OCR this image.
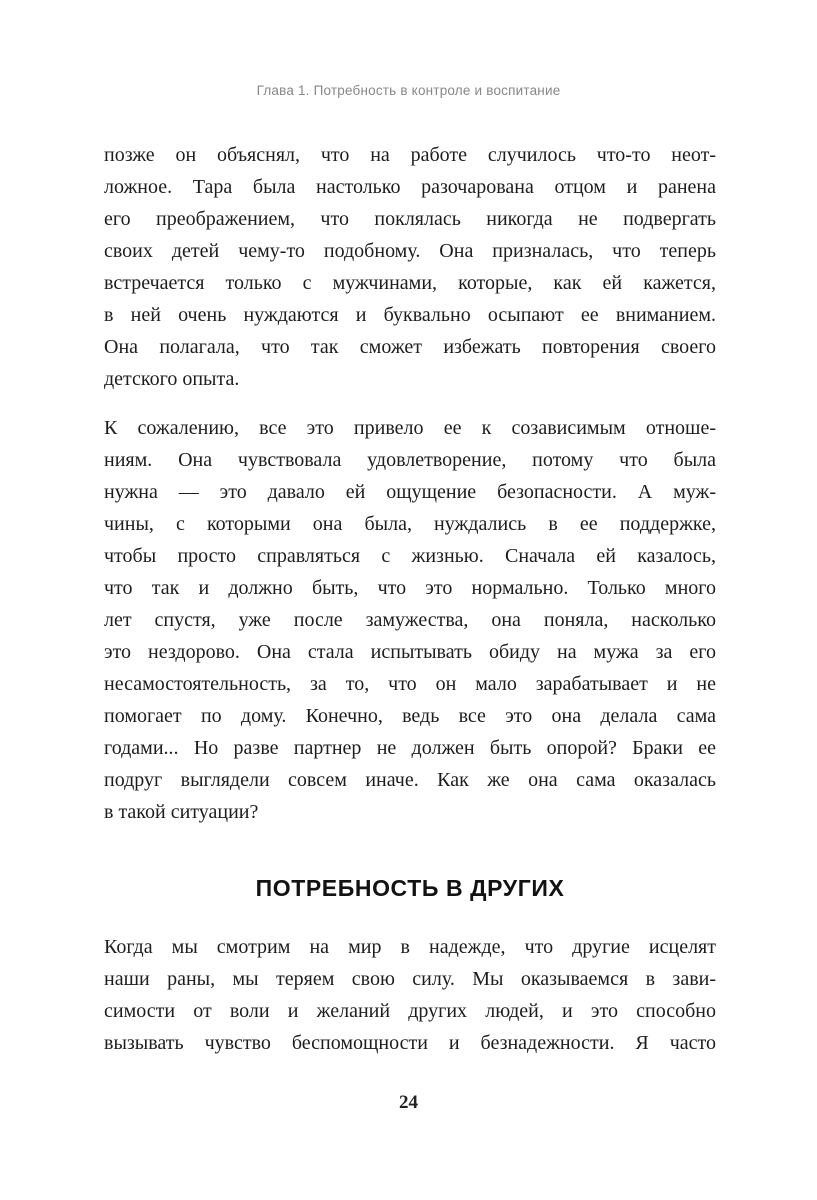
Глава 1. Потребность в контроле и воспитание
позже он объяснял, что на работе случилось что-то неот-
ложное. Тара была настолько разочарована отцом и ранена
его преображением, что поклялась никогда не подвергать
своих детей чему-то подобному. Она призналась, что теперь
встречается только с мужчинами, которые, как ей кажется,
в ней очень нуждаются и буквально осыпают ее вниманием.
Она полагала, что так сможет избежать повторения своего
детского опыта.
К сожалению, все это привело ее к созависимым отноше-
ниям. Она чувствовала удовлетворение, потому что была
нужна — это давало ей ощущение безопасности. А муж-
чины, с которыми она была, нуждались в ее поддержке,
чтобы просто справляться с жизнью. Сначала ей казалось,
что так и должно быть, что это нормально. Только много
лет спустя, уже после замужества, она поняла, насколько
это нездорово. Она стала испытывать обиду на мужа за его
несамостоятельность, за то, что он мало зарабатывает и не
помогает по дому. Конечно, ведь все это она делала сама
годами... Но разве партнер не должен быть опорой? Браки ее
подруг выглядели совсем иначе. Как же она сама оказалась
в такой ситуации?
ПОТРЕБНОСТЬ В ДРУГИХ
Когда мы смотрим на мир в надежде, что другие исцелят
наши раны, мы теряем свою силу. Мы оказываемся в зави-
симости от воли и желаний других людей, и это способно
вызывать чувство беспомощности и безнадежности. Я часто
24
